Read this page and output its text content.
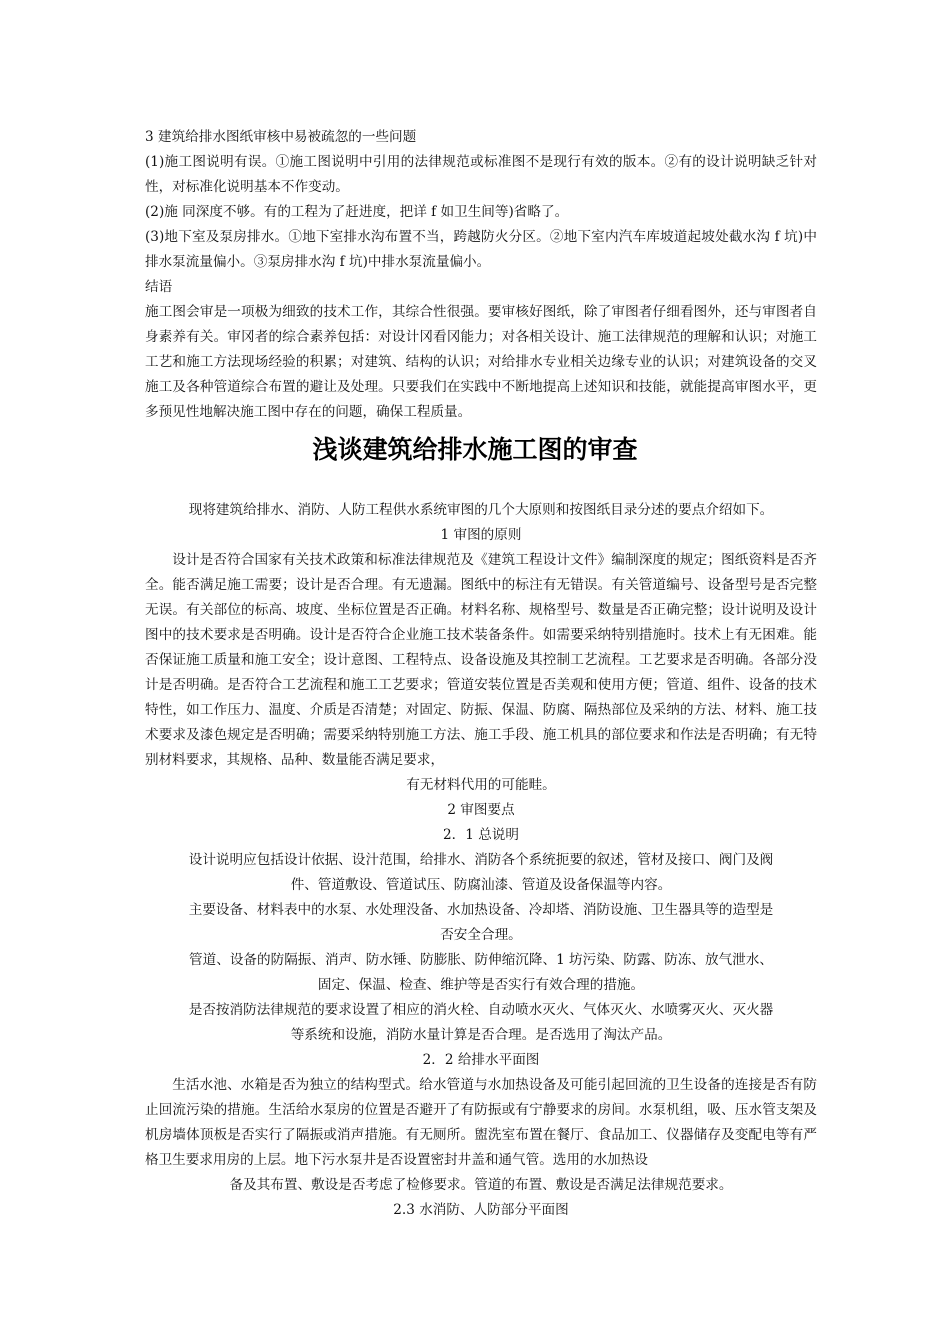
3 建筑给排水图纸审核中易被疏忽的一些问题

(1)施工图说明有误。①施工图说明中引用的法律规范或标准图不是现行有效的版本。②有的设计说明缺乏针对性，对标准化说明基本不作变动。

(2)施 同深度不够。有的工程为了赶进度，把详 f 如卫生间等)省略了。

(3)地下室及泵房排水。①地下室排水沟布置不当，跨越防火分区。②地下室内汽车库坡道起坡处截水沟 f 坑)中排水泵流量偏小。③泵房排水沟 f 坑)中排水泵流量偏小。

结语

施工图会审是一项极为细致的技术工作，其综合性很强。要审核好图纸，除了审图者仔细看图外，还与审图者自身素养有关。审冈者的综合素养包括：对设计冈看冈能力；对各相关设计、施工法律规范的理解和认识；对施工工艺和施工方法现场经验的积累；对建筑、结构的认识；对给排水专业相关边缘专业的认识；对建筑设备的交叉施工及各种管道综合布置的避让及处理。只要我们在实践中不断地提高上述知识和技能，就能提高审图水平，更多预见性地解决施工图中存在的问题，确保工程质量。

浅谈建筑给排水施工图的审查

现将建筑给排水、消防、人防工程供水系统审图的几个大原则和按图纸目录分述的要点介绍如下。

1 审图的原则

设计是否符合国家有关技术政策和标准法律规范及《建筑工程设计文件》编制深度的规定；图纸资料是否齐全。能否满足施工需要；设计是否合理。有无遗漏。图纸中的标注有无错误。有关管道编号、设备型号是否完整无误。有关部位的标高、坡度、坐标位置是否正确。材料名称、规格型号、数量是否正确完整；设计说明及设计图中的技术要求是否明确。设计是否符合企业施工技术装备条件。如需要采纳特别措施时。技术上有无困难。能否保证施工质量和施工安全；设计意图、工程特点、设备设施及其控制工艺流程。工艺要求是否明确。各部分没计是否明确。是否符合工艺流程和施工工艺要求；管道安装位置是否美观和使用方便；管道、组件、设备的技术特性，如工作压力、温度、介质是否清楚；对固定、防振、保温、防腐、隔热部位及采纳的方法、材料、施工技术要求及漆色规定是否明确；需要采纳特别施工方法、施工手段、施工机具的部位要求和作法是否明确；有无特别材料要求，其规格、品种、数量能否满足要求，

有无材料代用的可能畦。

2 审图要点

2．1 总说明

设计说明应包括设计依据、设汁范围，给排水、消防各个系统扼要的叙述，管材及接口、阀门及阀

件、管道敷设、管道试压、防腐汕漆、管道及设备保温等内容。

主要设备、材料表中的水泵、水处理没备、水加热设备、冷却塔、消防设施、卫生器具等的造型是

否安全合理。

管道、设备的防隔振、消声、防水锤、防膨胀、防伸缩沉降、1 坊污染、防露、防冻、放气泄水、

固定、保温、检查、维护等是否实行有效合理的措施。

是否按消防法律规范的要求设置了相应的消火栓、自动喷水灭火、气体灭火、水喷雾灭火、灭火器

等系统和设施，消防水量计算是否合理。是否选用了淘汰产品。

2．2 给排水平面图

生活水池、水箱是否为独立的结构型式。给水管道与水加热设备及可能引起回流的卫生设备的连接是否有防止回流污染的措施。生活给水泵房的位置是否避开了有防振或有宁静要求的房间。水泵机组，吸、压水管支架及机房墙体顶板是否实行了隔振或消声措施。有无厕所。盥洗室布置在餐厅、食品加工、仪器储存及变配电等有严格卫生要求用房的上层。地下污水泵井是否设置密封井盖和通气管。选用的水加热设

备及其布置、敷设是否考虑了检修要求。管道的布置、敷设是否满足法律规范要求。

2.3 水消防、人防部分平面图
